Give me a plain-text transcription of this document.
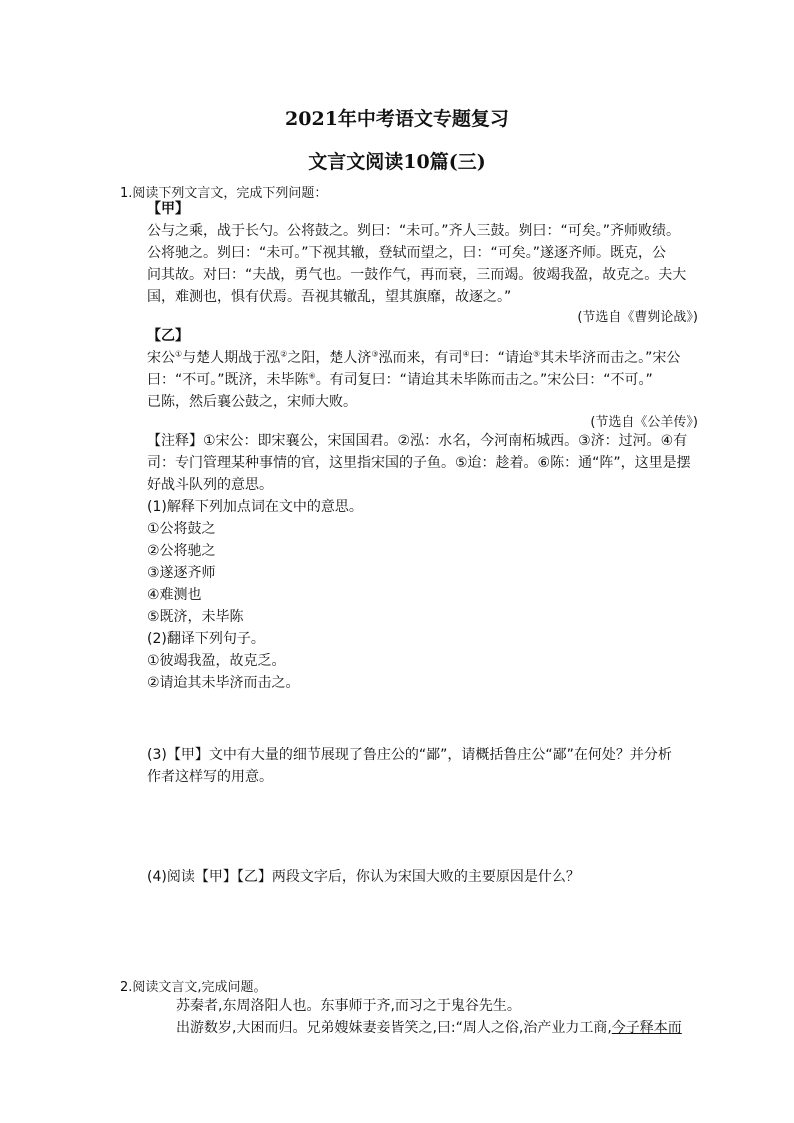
2021年中考语文专题复习
文言文阅读10篇(三)
1.阅读下列文言文，完成下列问题：
【甲】
公与之乘，战于长勺。公将鼓之。刿曰：“未可。”齐人三鼓。刿曰：“可矣。”齐师败绩。
公将驰之。刿曰：“未可。”下视其辙，登轼而望之，曰：“可矣。”遂逐齐师。既克，公
问其故。对曰：“夫战，勇气也。一鼓作气，再而衰，三而竭。彼竭我盈，故克之。夫大
国，难测也，惧有伏焉。吾视其辙乱，望其旗靡，故逐之。”
(节选自《曹刿论战》)
【乙】
宋公①与楚人期战于泓②之阳，楚人济③泓而来，有司④曰：“请迨⑤其未毕济而击之。”宋公
曰：“不可。”既济，未毕陈⑥。有司复曰：“请迨其未毕陈而击之。”宋公曰：“不可。”
已陈，然后襄公鼓之，宋师大败。
(节选自《公羊传》)
【注释】①宋公：即宋襄公，宋国国君。②泓：水名，今河南柘城西。③济：过河。④有
司：专门管理某种事情的官，这里指宋国的子鱼。⑤迨：趁着。⑥陈：通“阵”，这里是摆
好战斗队列的意思。
(1)解释下列加点词在文中的意思。
①公将鼓之
②公将驰之
③遂逐齐师
④难测也
⑤既济，未毕陈
(2)翻译下列句子。
①彼竭我盈，故克乏。
②请迨其未毕济而击之。
(3)【甲】文中有大量的细节展现了鲁庄公的“鄙”，请概括鲁庄公“鄙”在何处？并分析
作者这样写的用意。
(4)阅读【甲】【乙】两段文字后，你认为宋国大败的主要原因是什么？
2.阅读文言文,完成问题。
苏秦者,东周洛阳人也。东事师于齐,而习之于鬼谷先生。
出游数岁,大困而归。兄弟嫂妹妻妾皆笑之,曰:“周人之俗,治产业力工商,今子释本而
